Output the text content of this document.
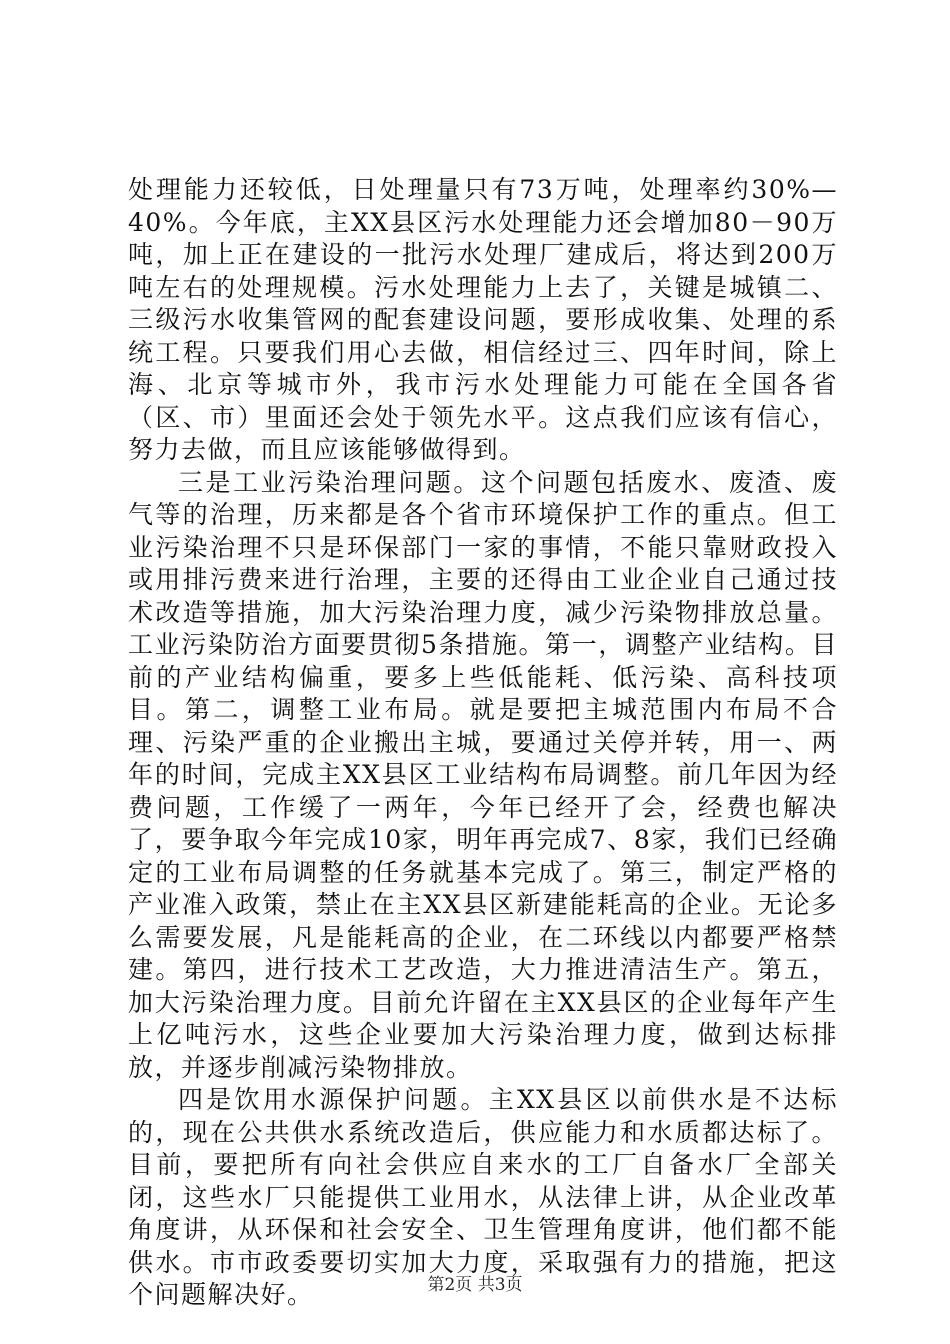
处理能力还较低，日处理量只有73万吨，处理率约30%—40%。今年底，主XX县区污水处理能力还会增加80－90万吨，加上正在建设的一批污水处理厂建成后，将达到200万吨左右的处理规模。污水处理能力上去了，关键是城镇二、三级污水收集管网的配套建设问题，要形成收集、处理的系统工程。只要我们用心去做，相信经过三、四年时间，除上海、北京等城市外，我市污水处理能力可能在全国各省（区、市）里面还会处于领先水平。这点我们应该有信心，努力去做，而且应该能够做得到。

三是工业污染治理问题。这个问题包括废水、废渣、废气等的治理，历来都是各个省市环境保护工作的重点。但工业污染治理不只是环保部门一家的事情，不能只靠财政投入或用排污费来进行治理，主要的还得由工业企业自己通过技术改造等措施，加大污染治理力度，减少污染物排放总量。工业污染防治方面要贯彻5条措施。第一，调整产业结构。目前的产业结构偏重，要多上些低能耗、低污染、高科技项目。第二，调整工业布局。就是要把主城范围内布局不合理、污染严重的企业搬出主城，要通过关停并转，用一、两年的时间，完成主XX县区工业结构布局调整。前几年因为经费问题，工作缓了一两年，今年已经开了会，经费也解决了，要争取今年完成10家，明年再完成7、8家，我们已经确定的工业布局调整的任务就基本完成了。第三，制定严格的产业准入政策，禁止在主XX县区新建能耗高的企业。无论多么需要发展，凡是能耗高的企业，在二环线以内都要严格禁建。第四，进行技术工艺改造，大力推进清洁生产。第五，加大污染治理力度。目前允许留在主XX县区的企业每年产生上亿吨污水，这些企业要加大污染治理力度，做到达标排放，并逐步削减污染物排放。

四是饮用水源保护问题。主XX县区以前供水是不达标的，现在公共供水系统改造后，供应能力和水质都达标了。目前，要把所有向社会供应自来水的工厂自备水厂全部关闭，这些水厂只能提供工业用水，从法律上讲，从企业改革角度讲，从环保和社会安全、卫生管理角度讲，他们都不能供水。市市政委要切实加大力度，采取强有力的措施，把这个问题解决好。	第2页 共3页
